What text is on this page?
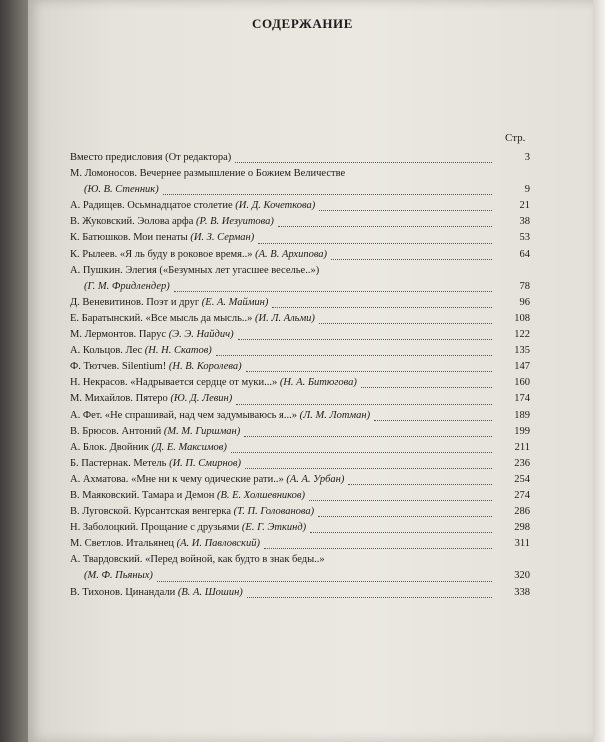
СОДЕРЖАНИЕ
Стр.
Вместо предисловия (От редактора)	3
М. Ломоносов. Вечернее размышление о Божием Величестве
(Ю. В. Стенник)	9
А. Радищев. Осьмнадцатое столетие (И. Д. Кочеткова)	21
В. Жуковский. Эолова арфа (Р. В. Иезуитова)	38
К. Батюшков. Мои пенаты (И. З. Серман)	53
К. Рылеев. «Я ль буду в роковое время..» (А. В. Архипова)	64
А. Пушкин. Элегия («Безумных лет угасшее веселье..»)
(Г. М. Фридлендер)	78
Д. Веневитинов. Поэт и друг (Е. А. Маймин)	96
Е. Баратынский. «Все мысль да мысль..» (И. Л. Альми)	108
М. Лермонтов. Парус (Э. Э. Найдич)	122
А. Кольцов. Лес (Н. Н. Скатов)	135
Ф. Тютчев. Silentium! (Н. В. Королева)	147
Н. Некрасов. «Надрывается сердце от муки...» (Н. А. Битюгова)	160
М. Михайлов. Пятеро (Ю. Д. Левин)	174
А. Фет. «Не спрашивай, над чем задумываюсь я...» (Л. М. Лотман)	189
В. Брюсов. Антоний (М. М. Гиршман)	199
А. Блок. Двойник (Д. Е. Максимов)	211
Б. Пастернак. Метель (И. П. Смирнов)	236
А. Ахматова. «Мне ни к чему одические рати..» (А. А. Урбан)	254
В. Маяковский. Тамара и Демон (В. Е. Холшевников)	274
В. Луговской. Курсантская венгерка (Т. П. Голованова)	286
Н. Заболоцкий. Прощание с друзьями (Е. Г. Эткинд)	298
М. Светлов. Итальянец (А. И. Павловский)	311
А. Твардовский. «Перед войной, как будто в знак беды..»
(М. Ф. Пьяных)	320
В. Тихонов. Цинандали (В. А. Шошин)	338
